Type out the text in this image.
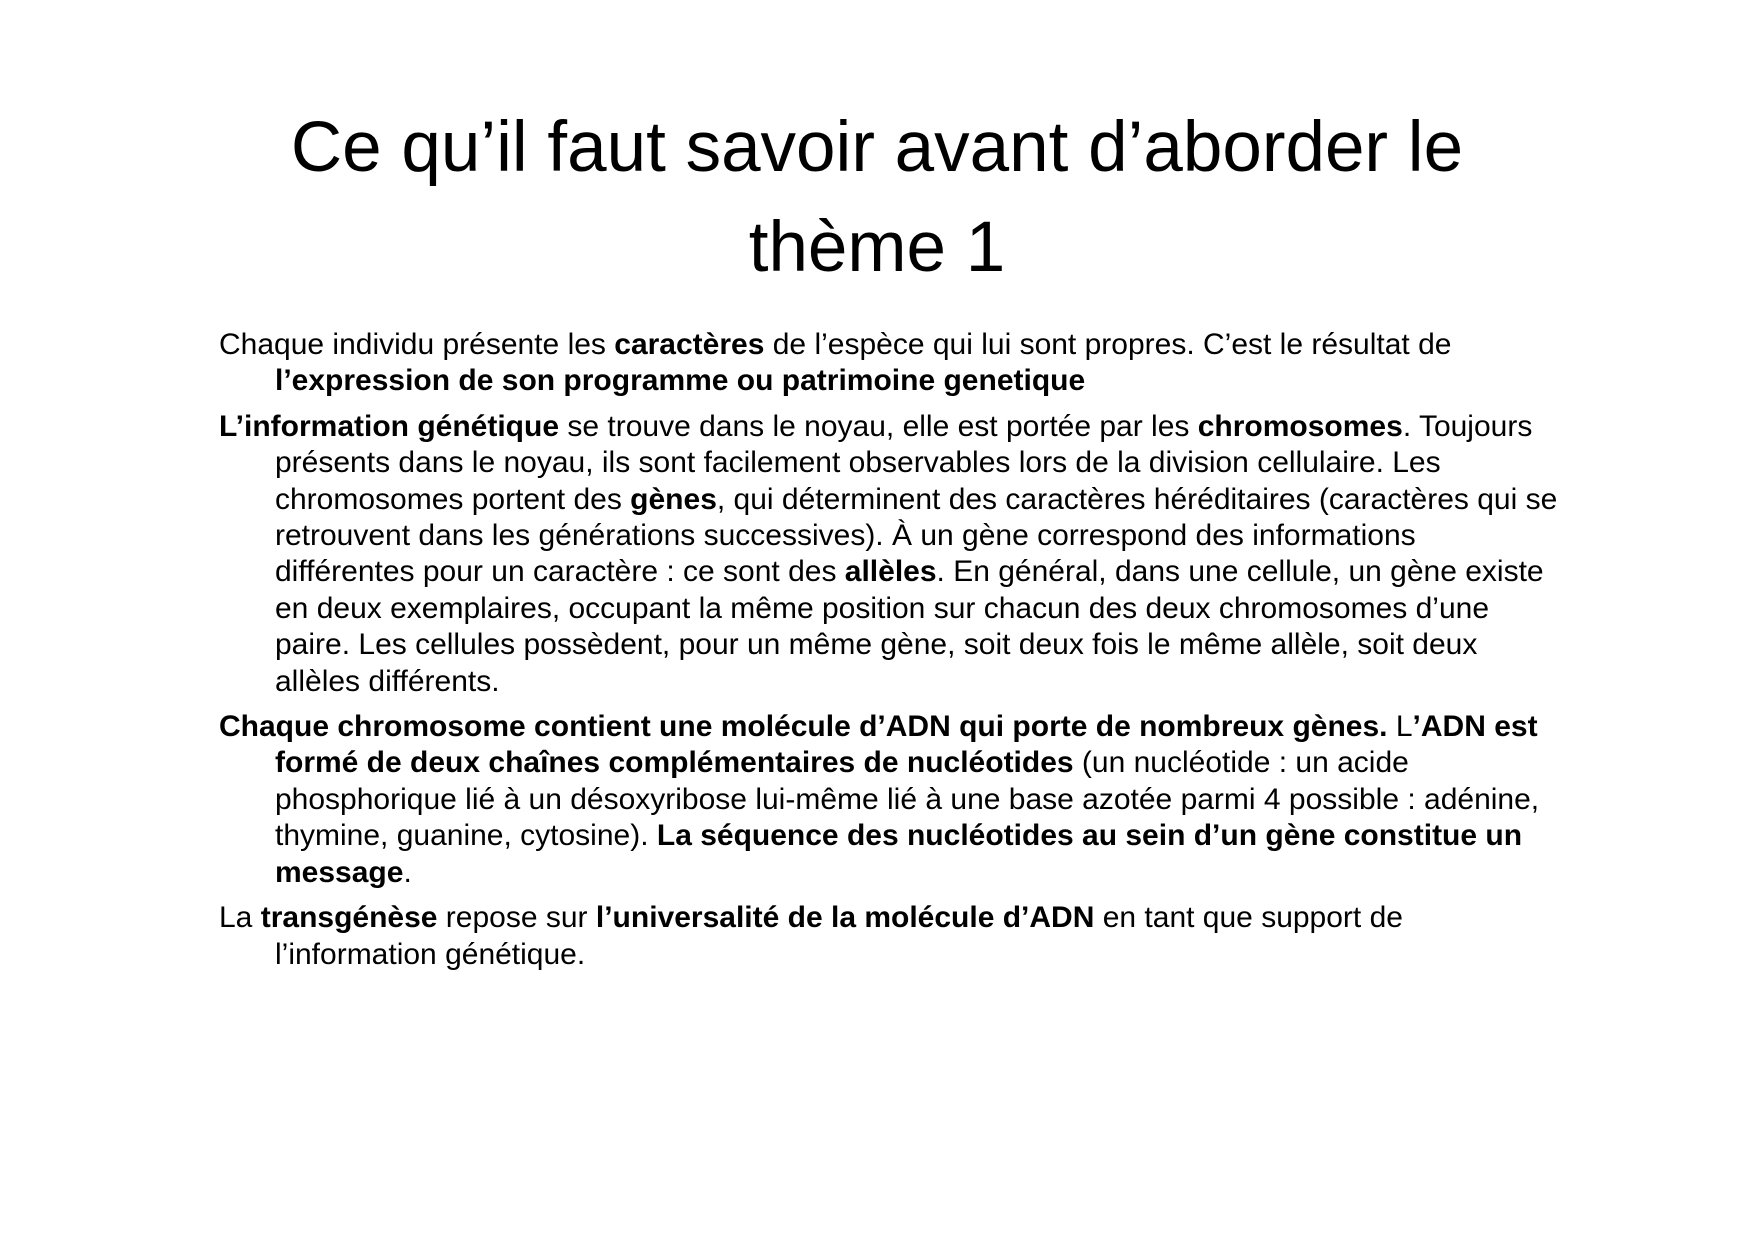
Ce qu’il faut savoir avant d’aborder le thème 1

Chaque individu présente les caractères de l’espèce qui lui sont propres. C’est le résultat de l’expression de son programme ou patrimoine genetique

L’information génétique se trouve dans le noyau, elle est portée par les chromosomes. Toujours présents dans le noyau, ils sont facilement observables lors de la division cellulaire. Les chromosomes portent des gènes, qui déterminent des caractères héréditaires (caractères qui se retrouvent dans les générations successives). À un gène correspond des informations différentes pour un caractère : ce sont des allèles. En général, dans une cellule, un gène existe en deux exemplaires, occupant la même position sur chacun des deux chromosomes d’une paire. Les cellules possèdent, pour un même gène, soit deux fois le même allèle, soit deux allèles différents.

Chaque chromosome contient une molécule d’ADN qui porte de nombreux gènes. L’ADN est formé de deux chaînes complémentaires de nucléotides (un nucléotide : un acide phosphorique lié à un désoxyribose lui-même lié à une base azotée parmi 4 possible : adénine, thymine, guanine, cytosine). La séquence des nucléotides au sein d’un gène constitue un message.

La transgénèse repose sur l’universalité de la molécule d’ADN en tant que support de l’information génétique.
